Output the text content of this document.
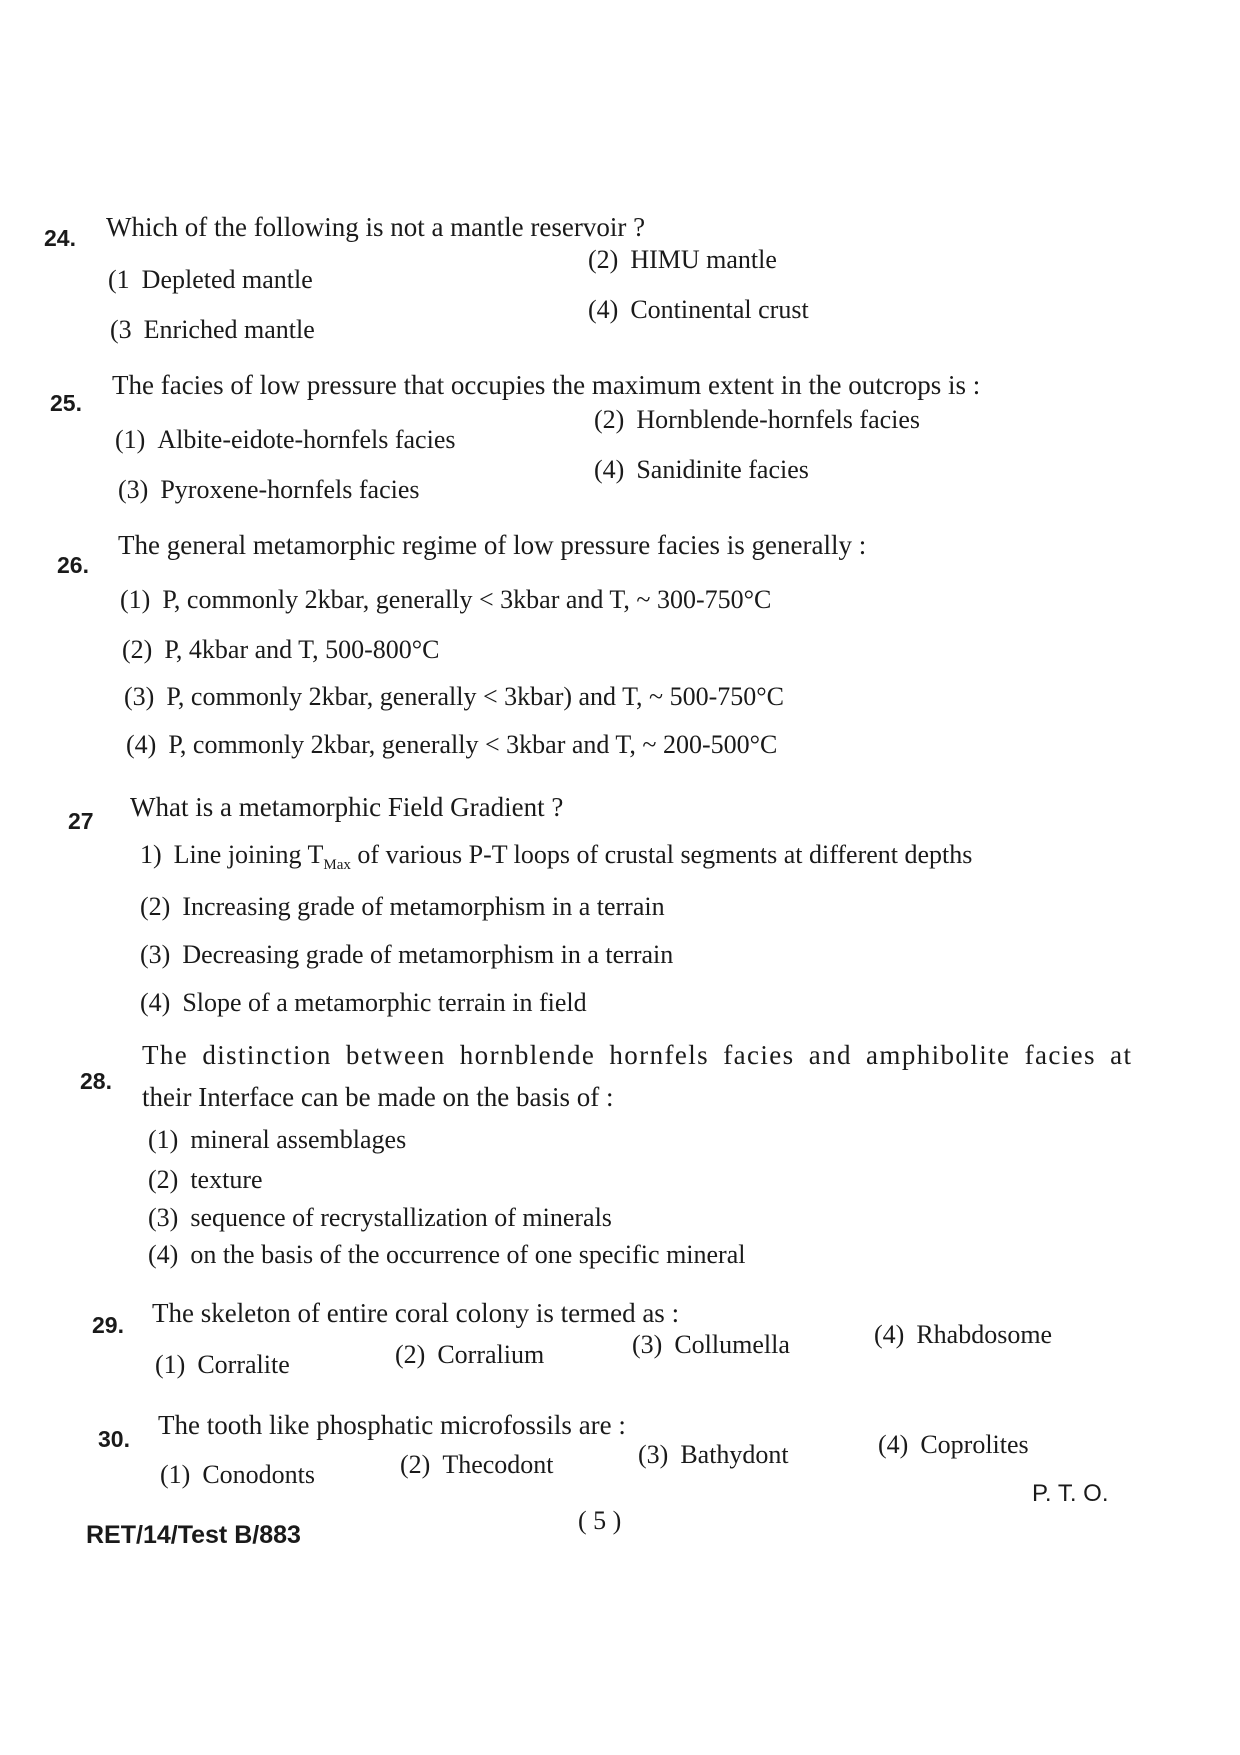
24. Which of the following is not a mantle reservoir ?
(1 Depleted mantle
(2) HIMU mantle
(3 Enriched mantle
(4) Continental crust
25.
The facies of low pressure that occupies the maximum extent in the outcrops is :
(1) Albite-eidote-hornfels facies
(2) Hornblende-hornfels facies
(3) Pyroxene-hornfels facies
(4) Sanidinite facies
26.
The general metamorphic regime of low pressure facies is generally :
(1) P, commonly 2kbar, generally < 3kbar and T, ~ 300-750°C
(2) P, 4kbar and T, 500-800°C
(3) P, commonly 2kbar, generally < 3kbar) and T, ~ 500-750°C
(4) P, commonly 2kbar, generally < 3kbar and T, ~ 200-500°C
27 What is a metamorphic Field Gradient ?
1) Line joining $T_{Max}$ of various P-T loops of crustal segments at different depths
(2) Increasing grade of metamorphism in a terrain
(3) Decreasing grade of metamorphism in a terrain
(4) Slope of a metamorphic terrain in field
28.
The distinction between hornblende hornfels facies and amphibolite facies at
their Interface can be made on the basis of :
(1) mineral assemblages
(2) texture
(3) sequence of recrystallization of minerals
(4) on the basis of the occurrence of one specific mineral
29. The skeleton of entire coral colony is termed as :
(1) Corralite	(2) Corralium	(3) Collumella	(4) Rhabdosome
30. The tooth like phosphatic microfossils are :
(1) Conodonts	(2) Thecodont	(3) Bathydont	(4) Coprolites
RET/14/Test B/883	( 5 )
P. T. O.
